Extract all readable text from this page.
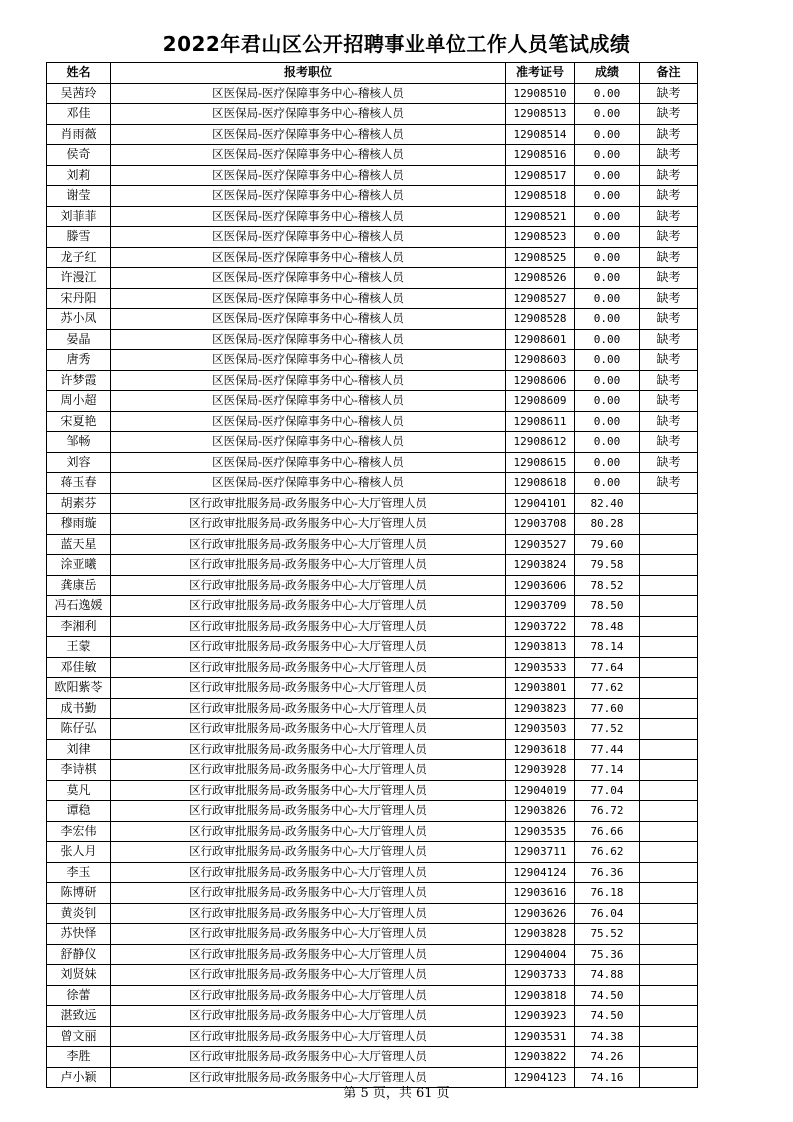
2022年君山区公开招聘事业单位工作人员笔试成绩
姓名	报考职位	准考证号	成绩	备注
吴茜玲	区医保局-医疗保障事务中心-稽核人员	12908510	0.00	缺考
邓佳	区医保局-医疗保障事务中心-稽核人员	12908513	0.00	缺考
肖雨薇	区医保局-医疗保障事务中心-稽核人员	12908514	0.00	缺考
侯奇	区医保局-医疗保障事务中心-稽核人员	12908516	0.00	缺考
刘莉	区医保局-医疗保障事务中心-稽核人员	12908517	0.00	缺考
谢莹	区医保局-医疗保障事务中心-稽核人员	12908518	0.00	缺考
刘菲菲	区医保局-医疗保障事务中心-稽核人员	12908521	0.00	缺考
滕雪	区医保局-医疗保障事务中心-稽核人员	12908523	0.00	缺考
龙子红	区医保局-医疗保障事务中心-稽核人员	12908525	0.00	缺考
许漫江	区医保局-医疗保障事务中心-稽核人员	12908526	0.00	缺考
宋丹阳	区医保局-医疗保障事务中心-稽核人员	12908527	0.00	缺考
苏小凤	区医保局-医疗保障事务中心-稽核人员	12908528	0.00	缺考
晏晶	区医保局-医疗保障事务中心-稽核人员	12908601	0.00	缺考
唐秀	区医保局-医疗保障事务中心-稽核人员	12908603	0.00	缺考
许梦霞	区医保局-医疗保障事务中心-稽核人员	12908606	0.00	缺考
周小超	区医保局-医疗保障事务中心-稽核人员	12908609	0.00	缺考
宋夏艳	区医保局-医疗保障事务中心-稽核人员	12908611	0.00	缺考
邹畅	区医保局-医疗保障事务中心-稽核人员	12908612	0.00	缺考
刘容	区医保局-医疗保障事务中心-稽核人员	12908615	0.00	缺考
蒋玉春	区医保局-医疗保障事务中心-稽核人员	12908618	0.00	缺考
胡素芬	区行政审批服务局-政务服务中心-大厅管理人员	12904101	82.40	
穆雨璇	区行政审批服务局-政务服务中心-大厅管理人员	12903708	80.28	
蓝天星	区行政审批服务局-政务服务中心-大厅管理人员	12903527	79.60	
涂亚曦	区行政审批服务局-政务服务中心-大厅管理人员	12903824	79.58	
龚康岳	区行政审批服务局-政务服务中心-大厅管理人员	12903606	78.52	
冯石逸媛	区行政审批服务局-政务服务中心-大厅管理人员	12903709	78.50	
李湘利	区行政审批服务局-政务服务中心-大厅管理人员	12903722	78.48	
王蒙	区行政审批服务局-政务服务中心-大厅管理人员	12903813	78.14	
邓佳敏	区行政审批服务局-政务服务中心-大厅管理人员	12903533	77.64	
欧阳紫苓	区行政审批服务局-政务服务中心-大厅管理人员	12903801	77.62	
成书勤	区行政审批服务局-政务服务中心-大厅管理人员	12903823	77.60	
陈仔弘	区行政审批服务局-政务服务中心-大厅管理人员	12903503	77.52	
刘律	区行政审批服务局-政务服务中心-大厅管理人员	12903618	77.44	
李诗棋	区行政审批服务局-政务服务中心-大厅管理人员	12903928	77.14	
莫凡	区行政审批服务局-政务服务中心-大厅管理人员	12904019	77.04	
谭稳	区行政审批服务局-政务服务中心-大厅管理人员	12903826	76.72	
李宏伟	区行政审批服务局-政务服务中心-大厅管理人员	12903535	76.66	
张人月	区行政审批服务局-政务服务中心-大厅管理人员	12903711	76.62	
李玉	区行政审批服务局-政务服务中心-大厅管理人员	12904124	76.36	
陈博研	区行政审批服务局-政务服务中心-大厅管理人员	12903616	76.18	
黄炎钊	区行政审批服务局-政务服务中心-大厅管理人员	12903626	76.04	
苏快怿	区行政审批服务局-政务服务中心-大厅管理人员	12903828	75.52	
舒静仪	区行政审批服务局-政务服务中心-大厅管理人员	12904004	75.36	
刘贤妹	区行政审批服务局-政务服务中心-大厅管理人员	12903733	74.88	
徐蕾	区行政审批服务局-政务服务中心-大厅管理人员	12903818	74.50	
湛致远	区行政审批服务局-政务服务中心-大厅管理人员	12903923	74.50	
曾文丽	区行政审批服务局-政务服务中心-大厅管理人员	12903531	74.38	
李胜	区行政审批服务局-政务服务中心-大厅管理人员	12903822	74.26	
卢小颖	区行政审批服务局-政务服务中心-大厅管理人员	12904123	74.16	
第 5 页，共 61 页
